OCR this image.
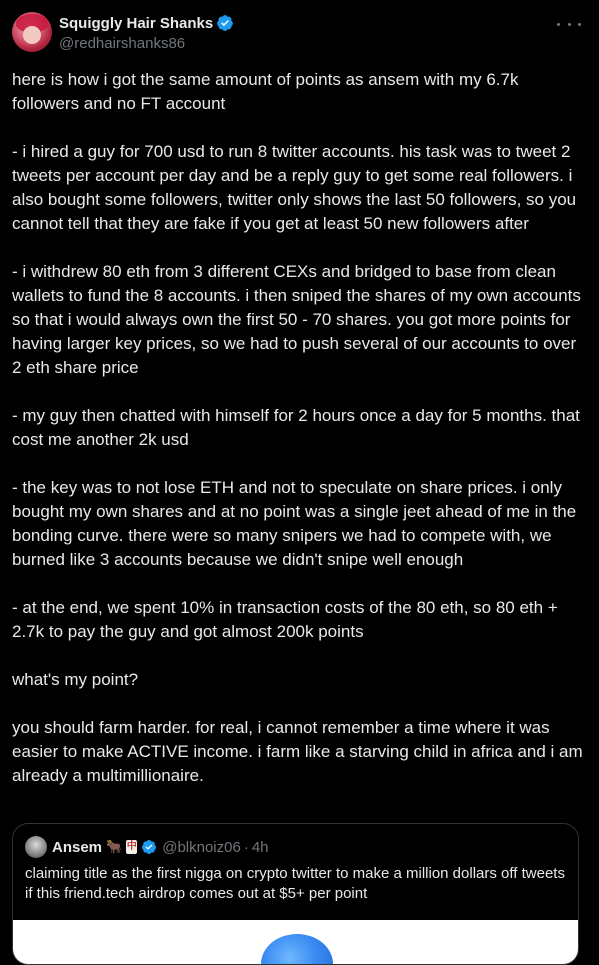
Squiggly Hair Shanks
@redhairshanks86

here is how i got the same amount of points as ansem with my 6.7k followers and no FT account

- i hired a guy for 700 usd to run 8 twitter accounts. his task was to tweet 2 tweets per account per day and be a reply guy to get some real followers. i also bought some followers, twitter only shows the last 50 followers, so you cannot tell that they are fake if you get at least 50 new followers after

- i withdrew 80 eth from 3 different CEXs and bridged to base from clean wallets to fund the 8 accounts. i then sniped the shares of my own accounts so that i would always own the first 50 - 70 shares. you got more points for having larger key prices, so we had to push several of our accounts to over 2 eth share price

- my guy then chatted with himself for 2 hours once a day for 5 months. that cost me another 2k usd

- the key was to not lose ETH and not to speculate on share prices. i only bought my own shares and at no point was a single jeet ahead of me in the bonding curve. there were so many snipers we had to compete with, we burned like 3 accounts because we didn't snipe well enough

- at the end, we spent 10% in transaction costs of the 80 eth, so 80 eth + 2.7k to pay the guy and got almost 200k points

what's my point?

you should farm harder. for real, i cannot remember a time where it was easier to make ACTIVE income. i farm like a starving child in africa and i am already a multimillionaire.

Ansem 🐂 中 @blknoiz06 · 4h
claiming title as the first nigga on crypto twitter to make a million dollars off tweets if this friend.tech airdrop comes out at $5+ per point
